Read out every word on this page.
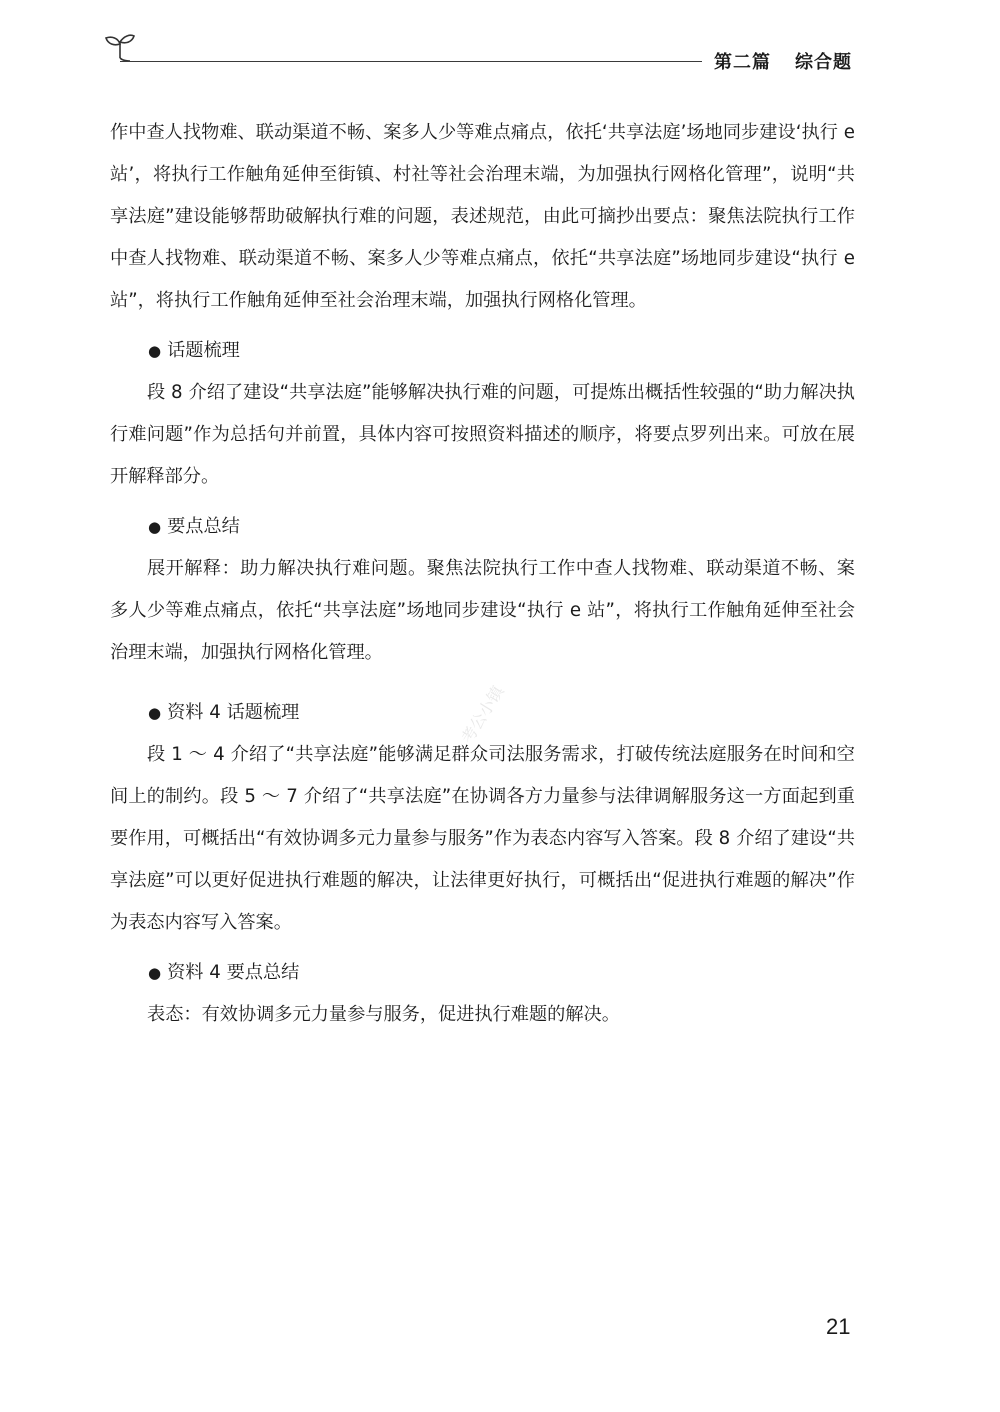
第二篇 综合题

作中查人找物难、联动渠道不畅、案多人少等难点痛点，依托‘共享法庭’场地同步建设‘执行 e 站’，将执行工作触角延伸至街镇、村社等社会治理末端，为加强执行网格化管理”，说明“共享法庭”建设能够帮助破解执行难的问题，表述规范，由此可摘抄出要点：聚焦法院执行工作中查人找物难、联动渠道不畅、案多人少等难点痛点，依托“共享法庭”场地同步建设“执行 e 站”，将执行工作触角延伸至社会治理末端，加强执行网格化管理。

● 话题梳理

段 8 介绍了建设“共享法庭”能够解决执行难的问题，可提炼出概括性较强的“助力解决执行难问题”作为总括句并前置，具体内容可按照资料描述的顺序，将要点罗列出来。可放在展开解释部分。

● 要点总结

展开解释：助力解决执行难问题。聚焦法院执行工作中查人找物难、联动渠道不畅、案多人少等难点痛点，依托“共享法庭”场地同步建设“执行 e 站”，将执行工作触角延伸至社会治理末端，加强执行网格化管理。

● 资料 4 话题梳理

段 1 ～ 4 介绍了“共享法庭”能够满足群众司法服务需求，打破传统法庭服务在时间和空间上的制约。段 5 ～ 7 介绍了“共享法庭”在协调各方力量参与法律调解服务这一方面起到重要作用，可概括出“有效协调多元力量参与服务”作为表态内容写入答案。段 8 介绍了建设“共享法庭”可以更好促进执行难题的解决，让法律更好执行，可概括出“促进执行难题的解决”作为表态内容写入答案。

● 资料 4 要点总结

表态：有效协调多元力量参与服务，促进执行难题的解决。

考公小镇
21
